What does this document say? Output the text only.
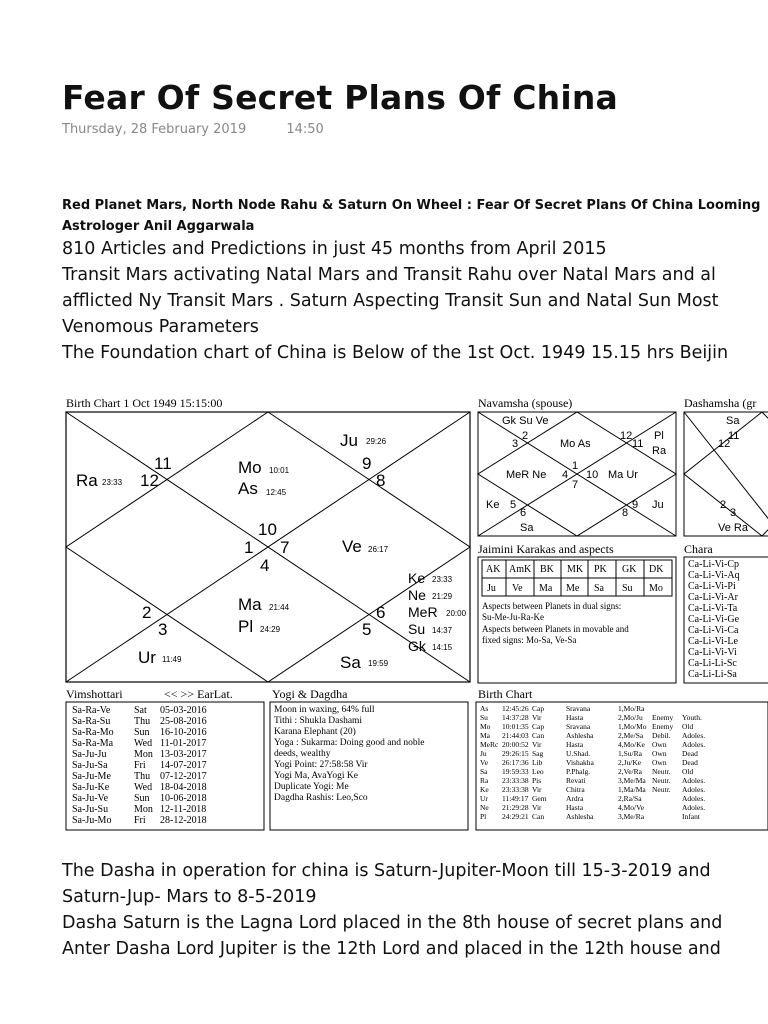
Fear Of Secret Plans Of China
Thursday, 28 February 2019	14:50
Red Planet Mars, North Node Rahu & Saturn On Wheel : Fear Of Secret Plans Of China Looming
Astrologer Anil Aggarwala
810 Articles and Predictions in just 45 months from April 2015
Transit Mars activating Natal Mars and Transit Rahu over Natal Mars and al
afflicted Ny Transit Mars . Saturn Aspecting Transit Sun and Natal Sun Most
Venomous Parameters
The Foundation chart of China is Below of the 1st Oct. 1949 15.15 hrs Beijin
Birth Chart 1 Oct 1949 15:15:00
10
11
12
1
2
3
4
5
6
7
8
9
Ju 29:26
Ra 23:33
Mo 10:01
As 12:45
Ve 26:17
Ke 23:33
Ne 21:29
MeR 20:00
Su 14:37
Gk 14:15
Ma 21:44
Pl 24:29
Sa 19:59
Ur 11:49
Navamsha (spouse)
Gk Su Ve
3
2
Mo As
12
11
Pl
Ra
1
MeR Ne 4 10 Ma Ur
7
Ke 5
6	8
9 Ju
Sa
Dashamsha (gr
Sa
12
11
2
3
Ve Ra
Jaimini Karakas and aspects
AK AmK BK MK PK GK DK
Ju Ve Ma Me Sa Su Mo
Aspects between Planets in dual signs:
Su-Me-Ju-Ra-Ke
Aspects between Planets in movable and
fixed signs: Mo-Sa, Ve-Sa
Chara
Ca-Li-Vi-Cp
Ca-Li-Vi-Aq
Ca-Li-Vi-Pi
Ca-Li-Vi-Ar
Ca-Li-Vi-Ta
Ca-Li-Vi-Ge
Ca-Li-Vi-Ca
Ca-Li-Vi-Le
Ca-Li-Vi-Vi
Ca-Li-Li-Sc
Ca-Li-Li-Sa
Vimshottari	<< >> EarLat.
Sa-Ra-Ve Sat 05-03-2016
Sa-Ra-Su Thu 25-08-2016
Sa-Ra-Mo Sun 16-10-2016
Sa-Ra-Ma Wed 11-01-2017
Sa-Ju-Ju	Mon 13-03-2017
Sa-Ju-Sa	Fri 14-07-2017
Sa-Ju-Me Thu 07-12-2017
Sa-Ju-Ke Wed 18-04-2018
Sa-Ju-Ve	Sun 10-06-2018
Sa-Ju-Su	Mon 12-11-2018
Sa-Ju-Mo Fri 28-12-2018
Yogi & Dagdha
Moon in waxing, 64% full
Tithi : Shukla Dashami
Karana Elephant (20)
Yoga : Sukarma: Doing good and noble
deeds, wealthy
Yogi Point: 27:58:58 Vir
Yogi Ma, AvaYogi Ke
Duplicate Yogi: Me
Dagdha Rashis: Leo,Sco
Birth Chart
As 12:45:26 Cap	Sravana	1,Mo/Ra
Su 14:37:28 Vir	Hasta	2,Mo/Ju Enemy Youth.
Mo 10:01:35 Cap	Sravana	1,Mo/Mo Enemy Old
Ma 21:44:03 Can	Ashlesha	2,Me/Sa Debil. Adoles.
MeRc 20:00:52 Vir	Hasta	4,Mo/Ke Own Adoles.
Ju 29:26:15 Sag	U.Shad.	1,Su/Ra Own Dead
Ve 26:17:36 Lib	Vishakha	2,Ju/Ke Own Dead
Sa 19:59:33 Leo	P.Phalg.	2,Ve/Ra Neutr. Old
Ra 23:33:38 Pis	Revati	3,Me/Ma Neutr. Adoles.
Ke 23:33:38 Vir	Chitra	1,Ma/Ma Neutr. Adoles.
Ur 11:49:17 Gem	Ardra	2,Ra/Sa	Adoles.
Ne 21:29:28 Vir	Hasta	4,Mo/Ve	Adoles.
Pl 24:29:21 Can	Ashlesha	3,Me/Ra	Infant
The Dasha in operation for china is Saturn-Jupiter-Moon till 15-3-2019 and
Saturn-Jup- Mars to 8-5-2019
Dasha Saturn is the Lagna Lord placed in the 8th house of secret plans and
Anter Dasha Lord Jupiter is the 12th Lord and placed in the 12th house and
